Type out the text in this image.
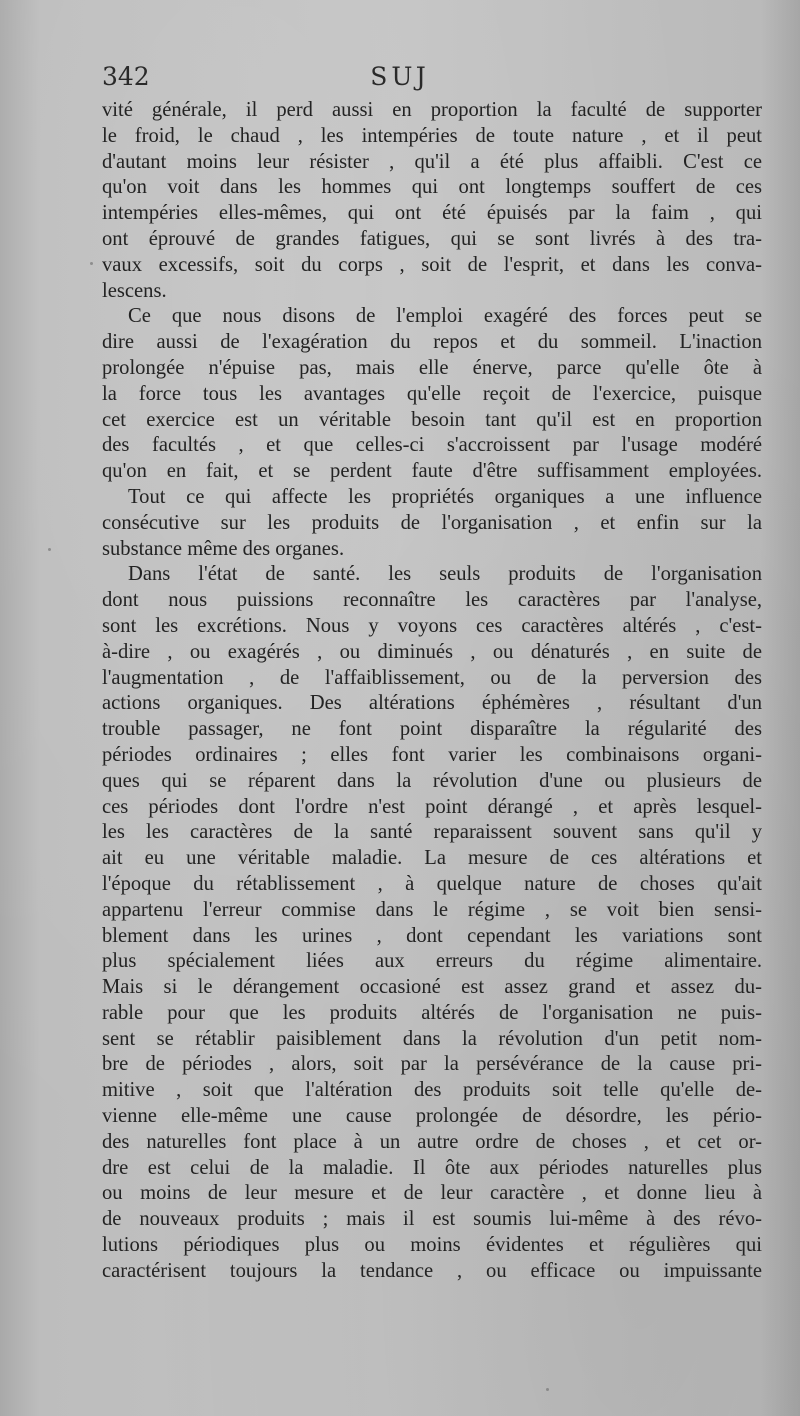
342	SUJ
vité générale, il perd aussi en proportion la faculté de supporter
le froid, le chaud , les intempéries de toute nature , et il peut
d'autant moins leur résister , qu'il a été plus affaibli. C'est ce
qu'on voit dans les hommes qui ont longtemps souffert de ces
intempéries elles-mêmes, qui ont été épuisés par la faim , qui
ont éprouvé de grandes fatigues, qui se sont livrés à des tra-
vaux excessifs, soit du corps , soit de l'esprit, et dans les conva-
lescens.
Ce que nous disons de l'emploi exagéré des forces peut se
dire aussi de l'exagération du repos et du sommeil. L'inaction
prolongée n'épuise pas, mais elle énerve, parce qu'elle ôte à
la force tous les avantages qu'elle reçoit de l'exercice, puisque
cet exercice est un véritable besoin tant qu'il est en proportion
des facultés , et que celles-ci s'accroissent par l'usage modéré
qu'on en fait, et se perdent faute d'être suffisamment employées.
Tout ce qui affecte les propriétés organiques a une influence
consécutive sur les produits de l'organisation , et enfin sur la
substance même des organes.
Dans l'état de santé. les seuls produits de l'organisation
dont nous puissions reconnaître les caractères par l'analyse,
sont les excrétions. Nous y voyons ces caractères altérés , c'est-
à-dire , ou exagérés , ou diminués , ou dénaturés , en suite de
l'augmentation , de l'affaiblissement, ou de la perversion des
actions organiques. Des altérations éphémères , résultant d'un
trouble passager, ne font point disparaître la régularité des
périodes ordinaires ; elles font varier les combinaisons organi-
ques qui se réparent dans la révolution d'une ou plusieurs de
ces périodes dont l'ordre n'est point dérangé , et après lesquel-
les les caractères de la santé reparaissent souvent sans qu'il y
ait eu une véritable maladie. La mesure de ces altérations et
l'époque du rétablissement , à quelque nature de choses qu'ait
appartenu l'erreur commise dans le régime , se voit bien sensi-
blement dans les urines , dont cependant les variations sont
plus spécialement liées aux erreurs du régime alimentaire.
Mais si le dérangement occasioné est assez grand et assez du-
rable pour que les produits altérés de l'organisation ne puis-
sent se rétablir paisiblement dans la révolution d'un petit nom-
bre de périodes , alors, soit par la persévérance de la cause pri-
mitive , soit que l'altération des produits soit telle qu'elle de-
vienne elle-même une cause prolongée de désordre, les pério-
des naturelles font place à un autre ordre de choses , et cet or-
dre est celui de la maladie. Il ôte aux périodes naturelles plus
ou moins de leur mesure et de leur caractère , et donne lieu à
de nouveaux produits ; mais il est soumis lui-même à des révo-
lutions périodiques plus ou moins évidentes et régulières qui
caractérisent toujours la tendance , ou efficace ou impuissante
